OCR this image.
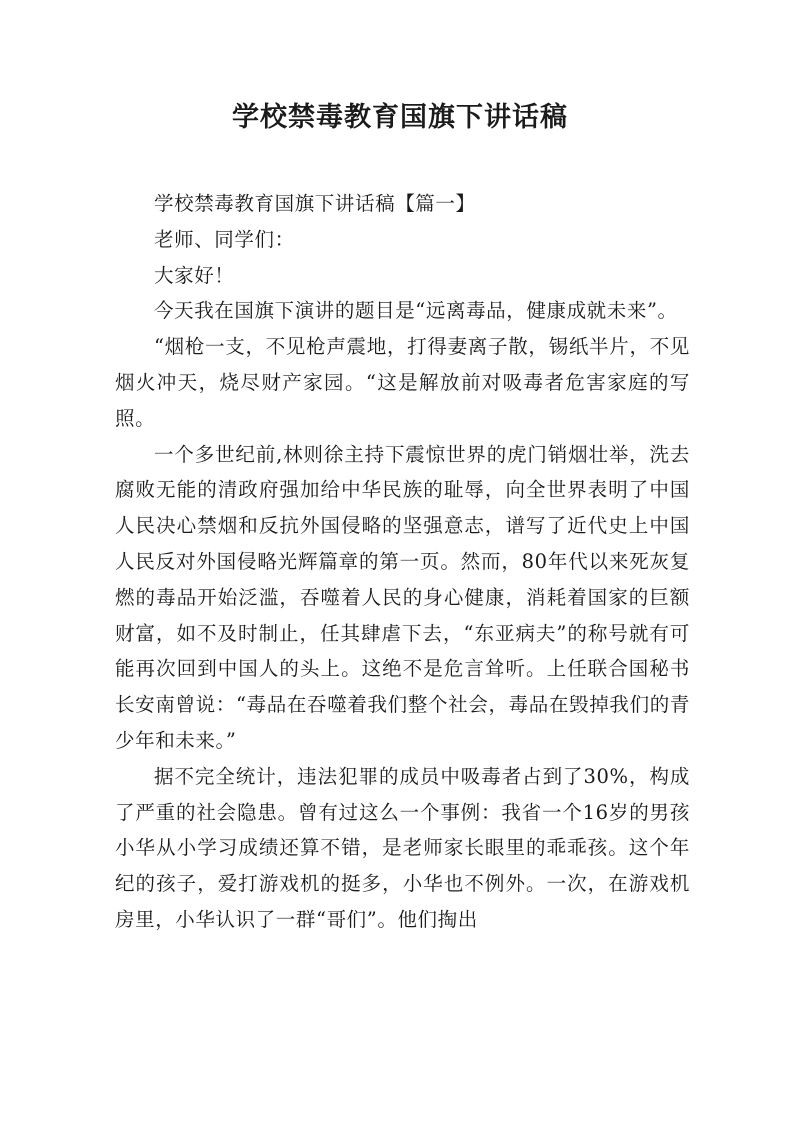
学校禁毒教育国旗下讲话稿

学校禁毒教育国旗下讲话稿【篇一】

老师、同学们：

大家好！

今天我在国旗下演讲的题目是“远离毒品，健康成就未来”。

“烟枪一支，不见枪声震地，打得妻离子散，锡纸半片，不见烟火冲天，烧尽财产家园。“这是解放前对吸毒者危害家庭的写照。

一个多世纪前,林则徐主持下震惊世界的虎门销烟壮举，洗去腐败无能的清政府强加给中华民族的耻辱，向全世界表明了中国人民决心禁烟和反抗外国侵略的坚强意志，谱写了近代史上中国人民反对外国侵略光辉篇章的第一页。然而，80年代以来死灰复燃的毒品开始泛滥，吞噬着人民的身心健康，消耗着国家的巨额财富，如不及时制止，任其肆虐下去，“东亚病夫”的称号就有可能再次回到中国人的头上。这绝不是危言耸听。上任联合国秘书长安南曾说：“毒品在吞噬着我们整个社会，毒品在毁掉我们的青少年和未来。”

据不完全统计，违法犯罪的成员中吸毒者占到了30%，构成了严重的社会隐患。曾有过这么一个事例：我省一个16岁的男孩小华从小学习成绩还算不错，是老师家长眼里的乖乖孩。这个年纪的孩子，爱打游戏机的挺多，小华也不例外。一次，在游戏机房里，小华认识了一群“哥们”。他们掏出
